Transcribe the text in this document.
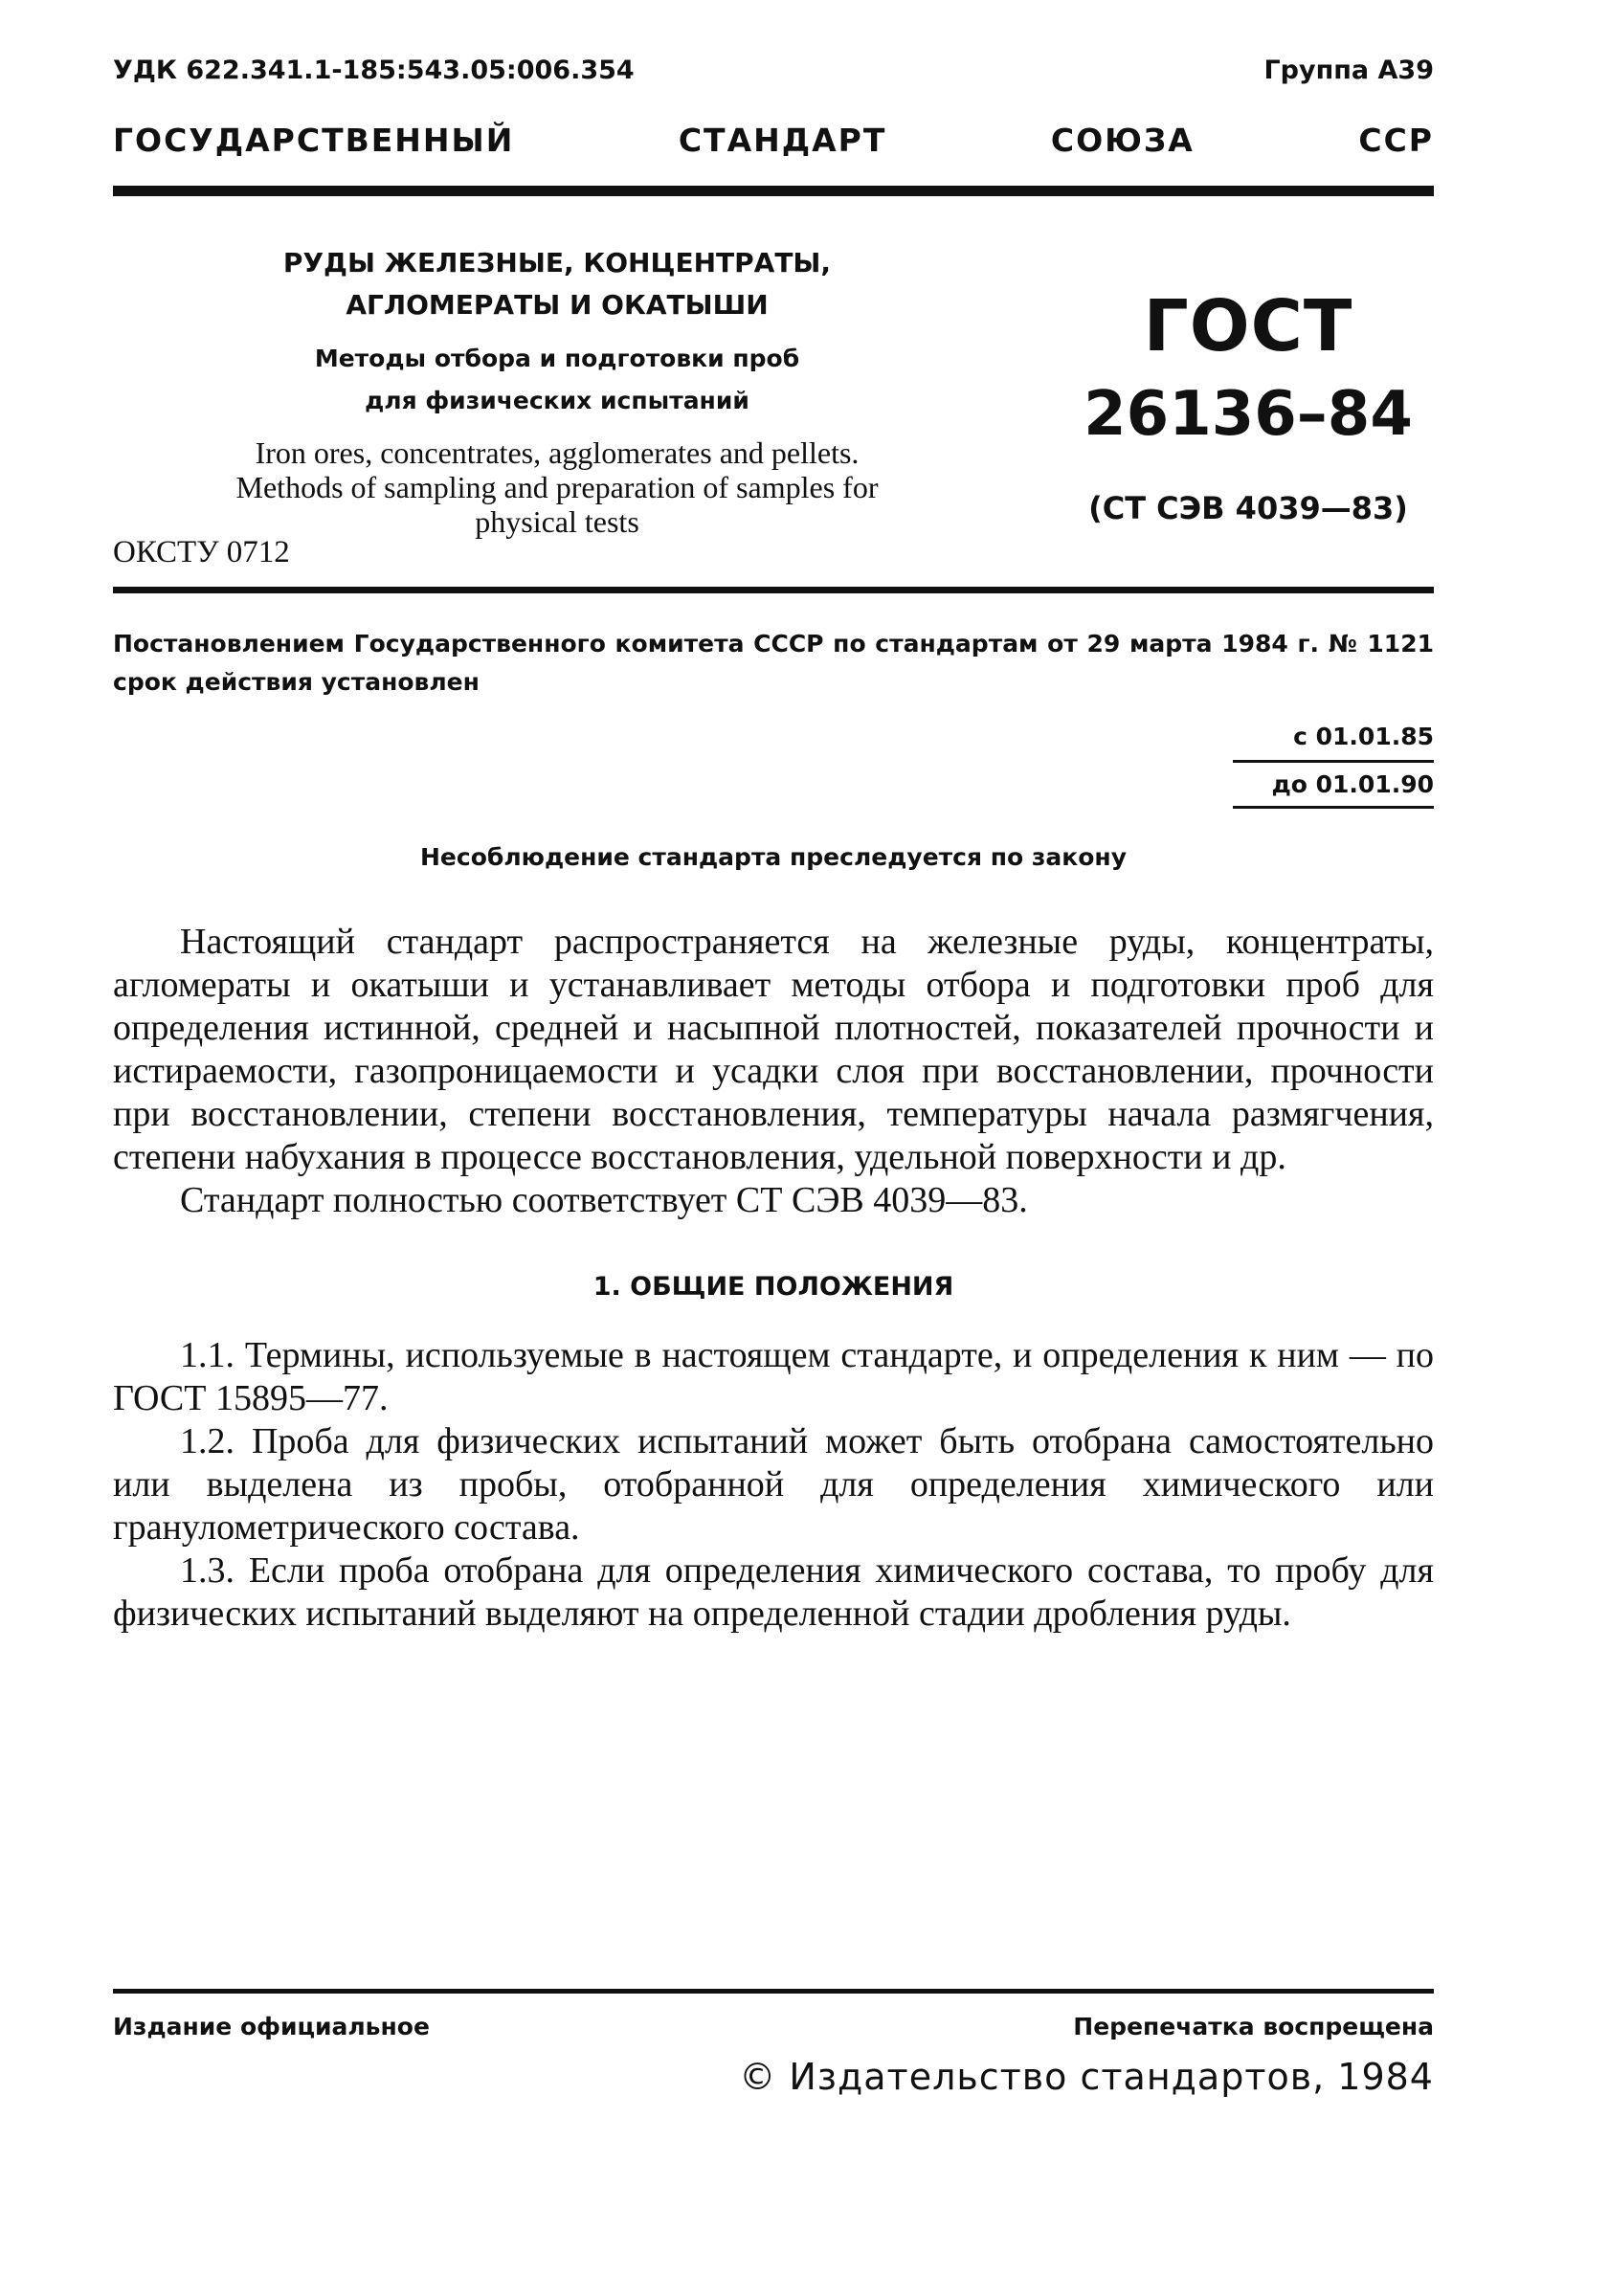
УДК 622.341.1-185:543.05:006.354	Группа А39
ГОСУДАРСТВЕННЫЙ	СТАНДАРТ	СОЮЗА	ССР
РУДЫ ЖЕЛЕЗНЫЕ, КОНЦЕНТРАТЫ,
АГЛОМЕРАТЫ И ОКАТЫШИ
Методы отбора и подготовки проб
для физических испытаний
Iron ores, concentrates, agglomerates and pellets.
Methods of sampling and preparation of samples for
physical tests
ГОСТ
26136–84
(СТ СЭВ 4039—83)
ОКСТУ 0712
Постановлением Государственного комитета СССР по стандартам от 29 марта 1984 г. № 1121 срок действия установлен
с 01.01.85
до 01.01.90
Несоблюдение стандарта преследуется по закону

Настоящий стандарт распространяется на железные руды, концентраты, агломераты и окатыши и устанавливает методы отбора и подготовки проб для определения истинной, средней и насыпной плотностей, показателей прочности и истираемости, газопроницаемости и усадки слоя при восстановлении, прочности при восстановлении, степени восстановления, температуры начала размягчения, степени набухания в процессе восстановления, удельной поверхности и др.

Стандарт полностью соответствует СТ СЭВ 4039—83.

1. ОБЩИЕ ПОЛОЖЕНИЯ

1.1. Термины, используемые в настоящем стандарте, и определения к ним — по ГОСТ 15895—77.

1.2. Проба для физических испытаний может быть отобрана самостоятельно или выделена из пробы, отобранной для определения химического или гранулометрического состава.

1.3. Если проба отобрана для определения химического состава, то пробу для физических испытаний выделяют на определенной стадии дробления руды.

Издание официальное	Перепечатка воспрещена
© Издательство стандартов, 1984
